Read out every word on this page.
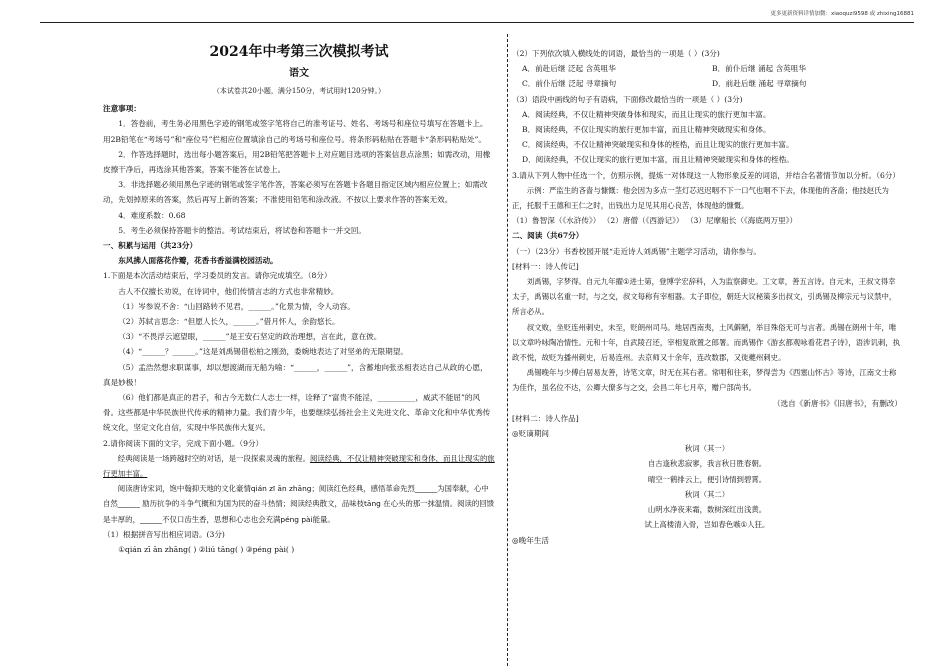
更多更新资料详情加微：xiaoquzi9598 或 zhixing16881

2024年中考第三次模拟考试

语文

（本试卷共20小题，满分150分，考试用时120分钟。）

注意事项：

1．答卷前，考生务必用黑色字迹的钢笔或签字笔将自己的准考证号、姓名、考场号和座位号填写在答题卡上。用2B铅笔在“考场号”和“座位号”栏相应位置填涂自己的考场号和座位号。将条形码粘贴在答题卡“条形码粘贴处”。

2．作答选择题时，选出每小题答案后，用2B铅笔把答题卡上对应题目选项的答案信息点涂黑；如需改动，用橡皮擦干净后，再选涂其他答案，答案不能答在试卷上。

3．非选择题必须用黑色字迹的钢笔或签字笔作答，答案必须写在答题卡各题目指定区域内相应位置上；如需改动，先划掉原来的答案，然后再写上新的答案；不准使用铅笔和涂改液。不按以上要求作答的答案无效。

4．难度系数：0.68

5．考生必须保持答题卡的整洁。考试结束后，将试卷和答题卡一并交回。

一、积累与运用（共23分）

东风拂人面落花作瓣，花香书香溢满校园活动。

1.下面是本次活动结束后，学习委员的发言。请你完成填空。（8分）

古人不仅擅长劝说，在诗词中，他们传情言志的方式也非常精妙。

（1）岑参说不舍：“山回路转不见君，______。”化景为情，令人动容。

（2）苏轼言思念：“但愿人长久，______。”借月怀人，余韵悠长。

（3）“不畏浮云遮望眼，______”是王安石坚定的政治理想，言在此，意在彼。

（4）“______？______。”这是刘禹锡借松柏之刚劲，委婉地表达了对坚弟的无限期望。

（5）孟浩然想求职谋事，却以想渡湖而无船为喻：“______，______”，含蓄地向张丞相表达自己从政的心愿，真是妙极！

（6）他们都是真正的君子，和古今无数仁人志士一样，诠释了“富贵不能淫，__________，威武不能屈”的风骨。这些都是中华民族世代传承的精神力量。我们青少年，也要继续弘扬社会主义先进文化、革命文化和中华优秀传统文化，坚定文化自信，实现中华民族伟大复兴。

2.请你阅读下面的文字，完成下面小题。（9分）

经典阅读是一场跨越时空的对话，是一段探索灵魂的旅程。阅读经典，不仅让精神突破现实和身体，而且让现实的旅行更加丰富。

阅读唐诗宋词，饱中翰抑天地的文化豪情qián zī ān zhāng；阅读红色经典，感悟革命先烈______为国奉献，心中自然______ 励历抗争的斗争气概和为国为民的奋斗热情；阅读经典散文，品味枝tāng 在心头的那一抹温情。阅读的回馈是丰厚的，______不仅口齿生香，思想和心志也会充满péng pài能量。

（1）根据拼音写出相应词语。(3分)

①qián zī ān zhāng( ) ②liú tāng( ) ③péng pài( )

（2）下列依次填入横线处的词语，最恰当的一项是（ ）(3分)

A．前赴后继 泛起 含英咀华	B．前仆后继 涌起 含英咀华
C．前仆后继 泛起 寻章摘句	D．前赴后继 涌起 寻章摘句

（3）语段中画线的句子有语病，下面修改最恰当的一项是（ ）(3分)

A．阅读经典，不仅让精神突破身体和现实，而且让现实的旅行更加丰富。

B．阅读经典，不仅让现实的旅行更加丰富，而且让精神突破现实和身体。

C．阅读经典，不仅让精神突破现实和身体的桎梏，而且让现实的旅行更加丰富。

D．阅读经典，不仅让现实的旅行更加丰富，而且让精神突破现实和身体的桎梏。

3.请从下列人物中任选一个，仿照示例，提炼一对体现这一人物形象反差的词语，并结合名著情节加以分析。（6分）

示例：严监生的吝啬与慷慨：他会因为多点一茎灯芯迟迟咽不下一口气也咽不下去，体现他的吝啬；他技赵氏为正，托服千王德和王仁之时，出钱出力足见其用心良苦，体现他的慷慨。

（1）鲁智深（《水浒传》） （2）唐僧（《西游记》） （3）尼摩船长（《海底两万里》）

二、阅读（共67分）

（一）（23分）书香校园开展“走近诗人刘禹锡”主题学习活动，请你参与。

[材料一：诗人传记]

刘禹锡，字梦得。自元九年擢①进士第，登博学宏辞科，入为监察御史。工文章，善五言诗。自元末，王叔文得幸太子，禹锡以名重一时，与之交，叔文每称有宰相器。太子即位，朝廷大议秘策多出叔文，引禹锡及柳宗元与议禁中，所言必从。

叔文败，坐贬连州刺史，未至，贬朗州司马。地居西南夷，土风僻陋，举目殊俗无可与言者。禹锡在朗州十年，唯以文章吟咏陶冶情性。元和十年，自武陵召还，宰相复欲置之郎署。而禹锡作《游玄都观咏看花君子诗》，语涉讥刺，执政不悦，故贬为播州刺史，后易连州。去京师又十余年，连改数郡，又徙夔州刺史。

禹锡晚年与少傅白居易友善，诗笔文章，时无在其右者。常唱和往来，梦得尝为《西塞山怀古》等诗，江南文士称为佳作，虽名位不达，公卿大僚多与之交，会昌二年七月卒，赠户部尚书。

（选自《新唐书》《旧唐书》，有删改）

[材料二：诗人作品]

◎贬谪期间

秋词（其一）

自古逢秋悲寂寥，我言秋日胜春朝。

晴空一鹤排云上，便引诗情到碧霄。

秋词（其二）

山明水净夜来霜，数树深红出浅黄。

试上高楼清入骨，岂如春色嗾①人狂。

◎晚年生活
